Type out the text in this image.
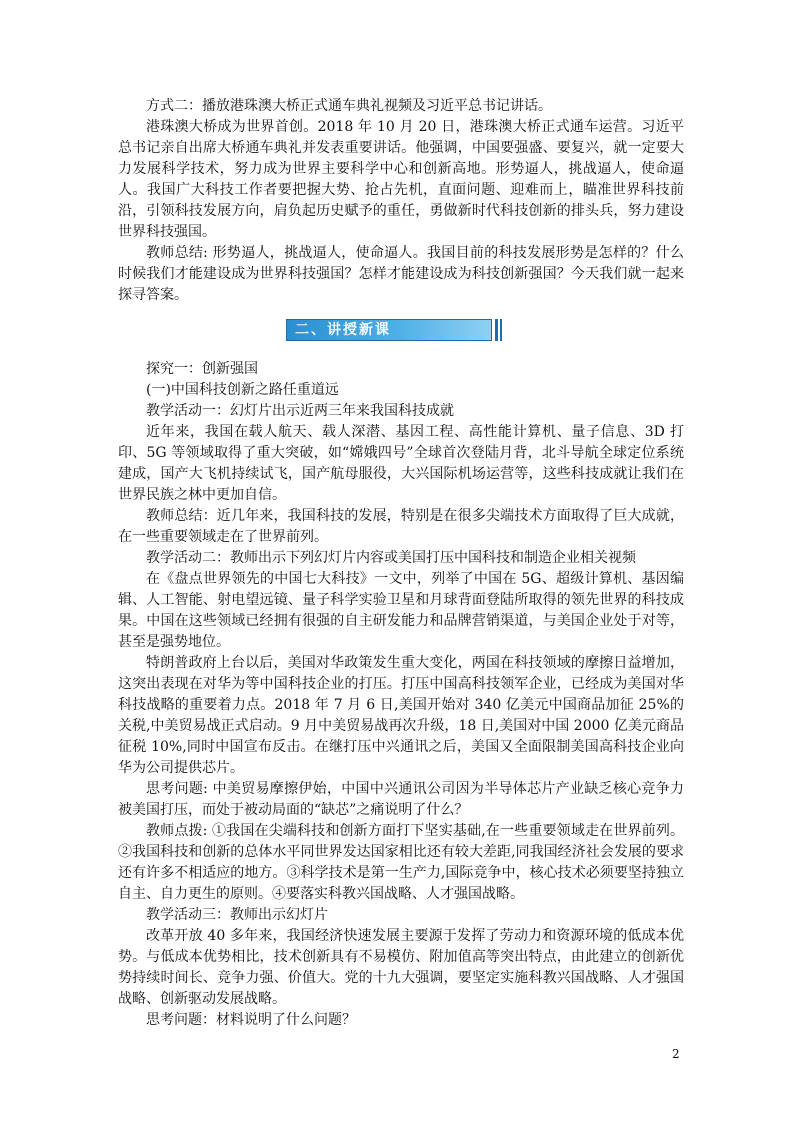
方式二：播放港珠澳大桥正式通车典礼视频及习近平总书记讲话。

港珠澳大桥成为世界首创。2018 年 10 月 20 日，港珠澳大桥正式通车运营。习近平总书记亲自出席大桥通车典礼并发表重要讲话。他强调，中国要强盛、要复兴，就一定要大力发展科学技术，努力成为世界主要科学中心和创新高地。形势逼人，挑战逼人，使命逼人。我国广大科技工作者要把握大势、抢占先机，直面问题、迎难而上，瞄准世界科技前沿，引领科技发展方向，肩负起历史赋予的重任，勇做新时代科技创新的排头兵，努力建设世界科技强国。

教师总结: 形势逼人，挑战逼人，使命逼人。我国目前的科技发展形势是怎样的？什么时候我们才能建设成为世界科技强国？怎样才能建设成为科技创新强国？今天我们就一起来探寻答案。

二、讲授新课

探究一：创新强国

(一)中国科技创新之路任重道远

教学活动一：幻灯片出示近两三年来我国科技成就

近年来，我国在载人航天、载人深潜、基因工程、高性能计算机、量子信息、3D 打印、5G 等领域取得了重大突破，如“嫦娥四号”全球首次登陆月背，北斗导航全球定位系统建成，国产大飞机持续试飞，国产航母服役，大兴国际机场运营等，这些科技成就让我们在世界民族之林中更加自信。

教师总结：近几年来，我国科技的发展，特别是在很多尖端技术方面取得了巨大成就，在一些重要领域走在了世界前列。

教学活动二：教师出示下列幻灯片内容或美国打压中国科技和制造企业相关视频

在《盘点世界领先的中国七大科技》一文中，列举了中国在 5G、超级计算机、基因编辑、人工智能、射电望远镜、量子科学实验卫星和月球背面登陆所取得的领先世界的科技成果。中国在这些领域已经拥有很强的自主研发能力和品牌营销渠道，与美国企业处于对等，甚至是强势地位。

特朗普政府上台以后，美国对华政策发生重大变化，两国在科技领域的摩擦日益增加，这突出表现在对华为等中国科技企业的打压。打压中国高科技领军企业，已经成为美国对华科技战略的重要着力点。2018 年 7 月 6 日,美国开始对 340 亿美元中国商品加征 25%的关税,中美贸易战正式启动。9 月中美贸易战再次升级，18 日,美国对中国 2000 亿美元商品征税 10%,同时中国宣布反击。在继打压中兴通讯之后，美国又全面限制美国高科技企业向华为公司提供芯片。

思考问题: 中美贸易摩擦伊始，中国中兴通讯公司因为半导体芯片产业缺乏核心竞争力被美国打压，而处于被动局面的“缺芯”之痛说明了什么？

教师点拨: ①我国在尖端科技和创新方面打下坚实基础,在一些重要领域走在世界前列。②我国科技和创新的总体水平同世界发达国家相比还有较大差距,同我国经济社会发展的要求还有许多不相适应的地方。③科学技术是第一生产力,国际竞争中，核心技术必须要坚持独立自主、自力更生的原则。④要落实科教兴国战略、人才强国战略。

教学活动三：教师出示幻灯片

改革开放 40 多年来，我国经济快速发展主要源于发挥了劳动力和资源环境的低成本优势。与低成本优势相比，技术创新具有不易模仿、附加值高等突出特点，由此建立的创新优势持续时间长、竞争力强、价值大。党的十九大强调，要坚定实施科教兴国战略、人才强国战略、创新驱动发展战略。

思考问题：材料说明了什么问题？

2
